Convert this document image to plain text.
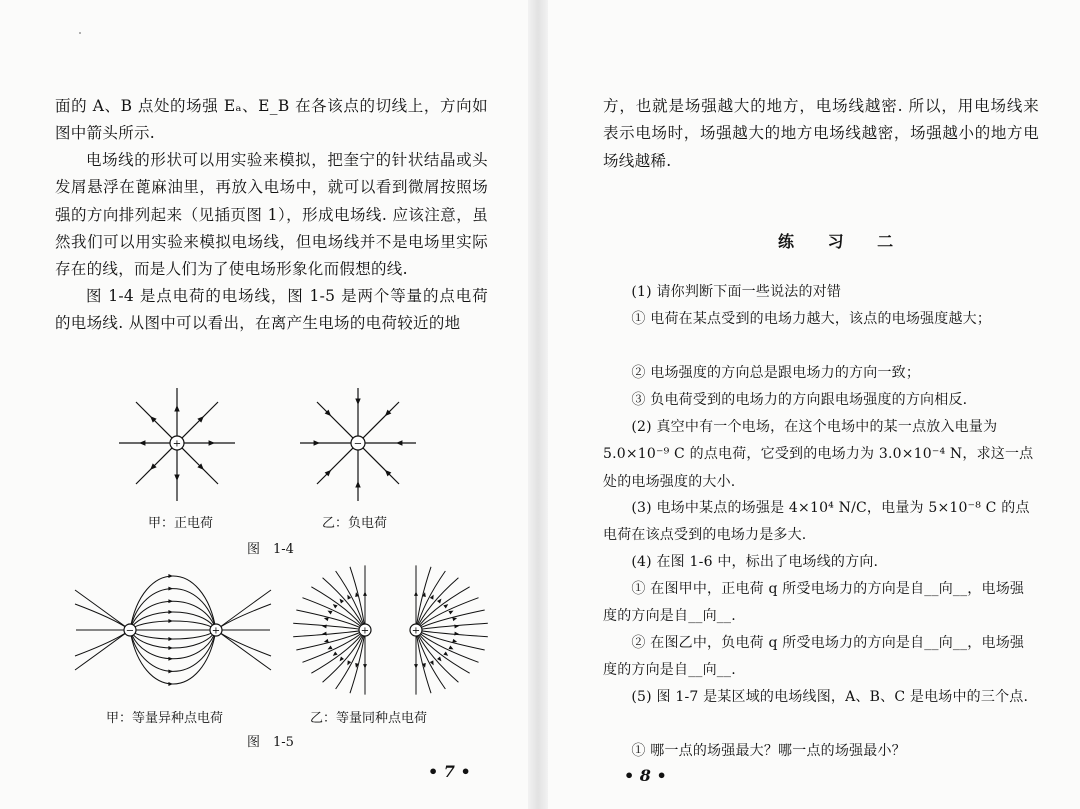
面的 A、B 点处的场强 Eₐ、E_B 在各该点的切线上，方向如图中箭头所示.

电场线的形状可以用实验来模拟，把奎宁的针状结晶或头发屑悬浮在蓖麻油里，再放入电场中，就可以看到微屑按照场强的方向排列起来（见插页图 1），形成电场线. 应该注意，虽然我们可以用实验来模拟电场线，但电场线并不是电场里实际存在的线，而是人们为了使电场形象化而假想的线.

图 1-4 是点电荷的电场线，图 1-5 是两个等量的点电荷的电场线. 从图中可以看出，在离产生电场的电荷较近的地

+	−
甲：正电荷	乙：负电荷
图　1-4
−	+	+	+
甲：等量异种点电荷	乙：等量同种点电荷
图　1-5
• 7 •

方，也就是场强越大的地方，电场线越密. 所以，用电场线来表示电场时，场强越大的地方电场线越密，场强越小的地方电场线越稀.

练 习 二

　　(1) 请你判断下面一些说法的对错

　　① 电荷在某点受到的电场力越大，该点的电场强度越大；

　　② 电场强度的方向总是跟电场力的方向一致；

　　③ 负电荷受到的电场力的方向跟电场强度的方向相反.

　　(2) 真空中有一个电场，在这个电场中的某一点放入电量为 5.0×10⁻⁹ C 的点电荷，它受到的电场力为 3.0×10⁻⁴ N，求这一点处的电场强度的大小.

　　(3) 电场中某点的场强是 4×10⁴ N/C，电量为 5×10⁻⁸ C 的点电荷在该点受到的电场力是多大.

　　(4) 在图 1-6 中，标出了电场线的方向.

　　① 在图甲中，正电荷 q 所受电场力的方向是自__向__，电场强度的方向是自__向__.

　　② 在图乙中，负电荷 q 所受电场力的方向是自__向__，电场强度的方向是自__向__.

　　(5) 图 1-7 是某区域的电场线图，A、B、C 是电场中的三个点.

　　① 哪一点的场强最大？哪一点的场强最小？

• 8 •
